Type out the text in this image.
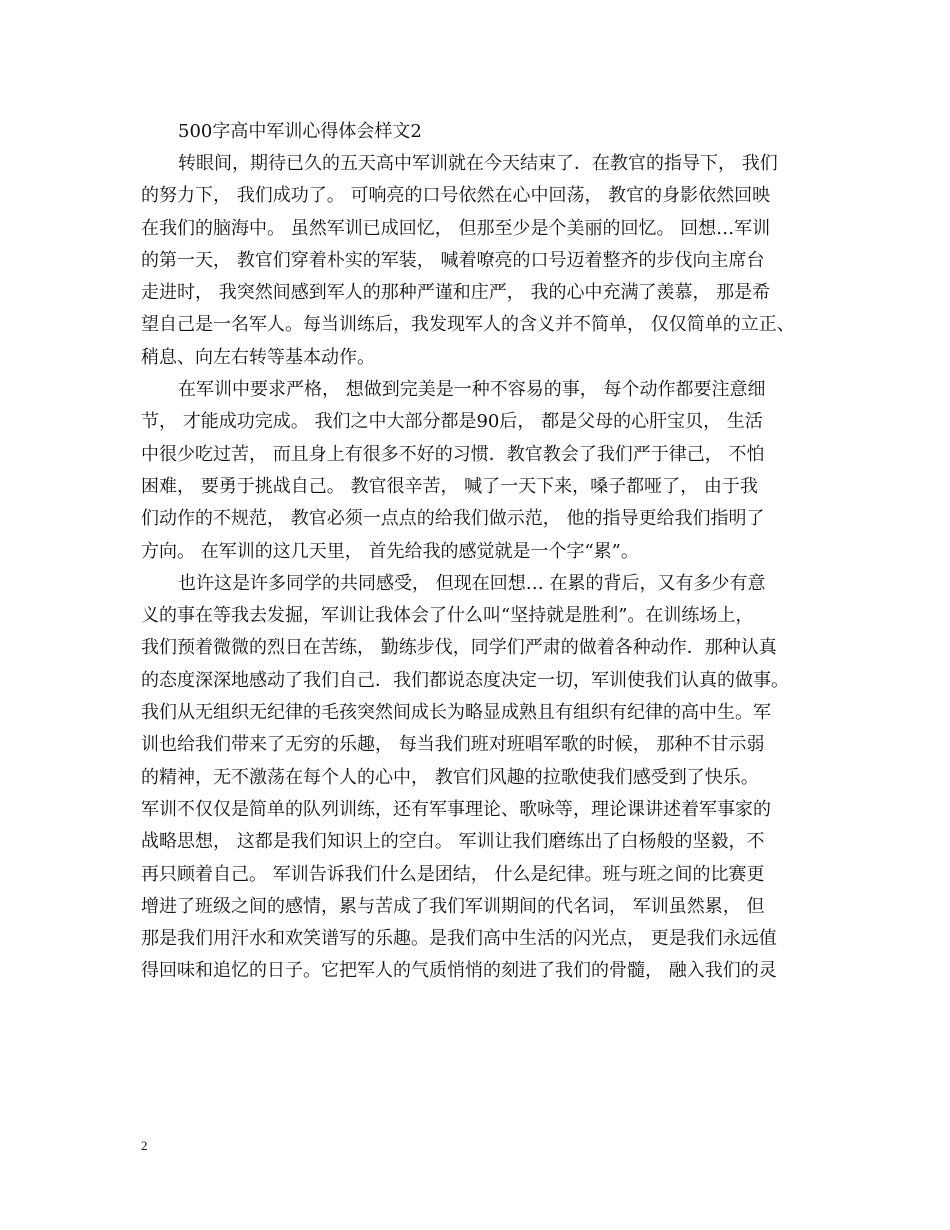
500字高中军训心得体会样文2
转眼间，期待已久的五天高中军训就在今天结束了．在教官的指导下， 我们
的努力下， 我们成功了。 可响亮的口号依然在心中回荡， 教官的身影依然回映
在我们的脑海中。 虽然军训已成回忆， 但那至少是个美丽的回忆。 回想…军训
的第一天， 教官们穿着朴实的军装， 喊着嘹亮的口号迈着整齐的步伐向主席台
走进时， 我突然间感到军人的那种严谨和庄严， 我的心中充满了羡慕， 那是希
望自己是一名军人。每当训练后，我发现军人的含义并不简单， 仅仅简单的立正、
稍息、向左右转等基本动作。
在军训中要求严格， 想做到完美是一种不容易的事， 每个动作都要注意细
节， 才能成功完成。 我们之中大部分都是90后， 都是父母的心肝宝贝， 生活
中很少吃过苦， 而且身上有很多不好的习惯．教官教会了我们严于律己， 不怕
困难， 要勇于挑战自己。 教官很辛苦， 喊了一天下来，嗓子都哑了， 由于我
们动作的不规范， 教官必须一点点的给我们做示范， 他的指导更给我们指明了
方向。 在军训的这几天里， 首先给我的感觉就是一个字“累”。
也许这是许多同学的共同感受， 但现在回想… 在累的背后，又有多少有意
义的事在等我去发掘，军训让我体会了什么叫“坚持就是胜利”。在训练场上，
我们预着微微的烈日在苦练， 勤练步伐，同学们严肃的做着各种动作．那种认真
的态度深深地感动了我们自己．我们都说态度决定一切，军训使我们认真的做事。
我们从无组织无纪律的毛孩突然间成长为略显成熟且有组织有纪律的高中生。军
训也给我们带来了无穷的乐趣， 每当我们班对班唱军歌的时候， 那种不甘示弱
的精神，无不激荡在每个人的心中， 教官们风趣的拉歌使我们感受到了快乐。
军训不仅仅是简单的队列训练，还有军事理论、歌咏等，理论课讲述着军事家的
战略思想， 这都是我们知识上的空白。 军训让我们磨练出了白杨般的坚毅，不
再只顾着自己。 军训告诉我们什么是团结， 什么是纪律。班与班之间的比赛更
增进了班级之间的感情，累与苦成了我们军训期间的代名词， 军训虽然累， 但
那是我们用汗水和欢笑谱写的乐趣。是我们高中生活的闪光点， 更是我们永远值
得回味和追忆的日子。它把军人的气质悄悄的刻进了我们的骨髓， 融入我们的灵
2
